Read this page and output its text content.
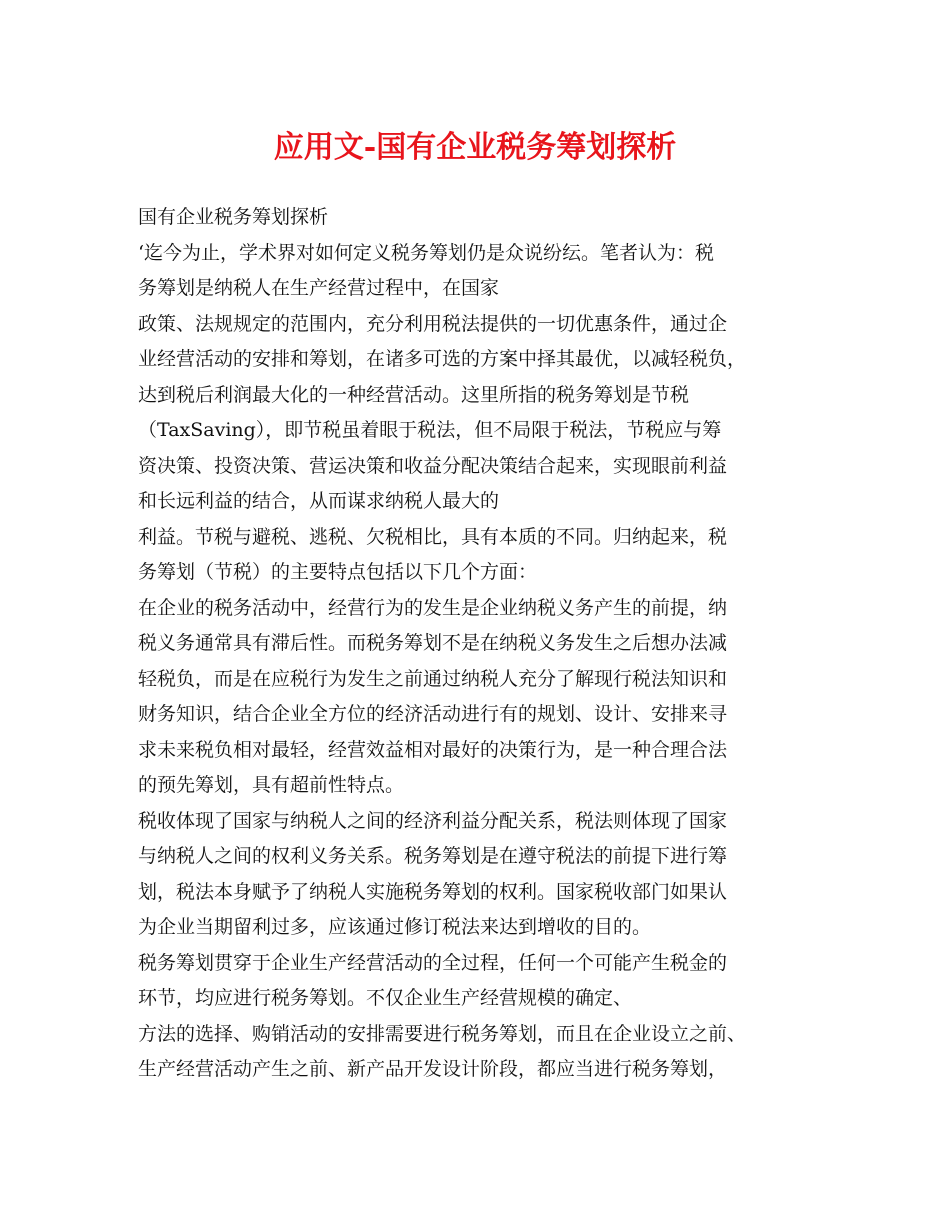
应用文-国有企业税务筹划探析
国有企业税务筹划探析
‘迄今为止，学术界对如何定义税务筹划仍是众说纷纭。笔者认为：税
务筹划是纳税人在生产经营过程中，在国家
政策、法规规定的范围内，充分利用税法提供的一切优惠条件，通过企
业经营活动的安排和筹划，在诸多可选的方案中择其最优，以减轻税负，
达到税后利润最大化的一种经营活动。这里所指的税务筹划是节税
（TaxSaving），即节税虽着眼于税法，但不局限于税法，节税应与筹
资决策、投资决策、营运决策和收益分配决策结合起来，实现眼前利益
和长远利益的结合，从而谋求纳税人最大的
利益。节税与避税、逃税、欠税相比，具有本质的不同。归纳起来，税
务筹划（节税）的主要特点包括以下几个方面：
在企业的税务活动中，经营行为的发生是企业纳税义务产生的前提，纳
税义务通常具有滞后性。而税务筹划不是在纳税义务发生之后想办法减
轻税负，而是在应税行为发生之前通过纳税人充分了解现行税法知识和
财务知识，结合企业全方位的经济活动进行有的规划、设计、安排来寻
求未来税负相对最轻，经营效益相对最好的决策行为，是一种合理合法
的预先筹划，具有超前性特点。
税收体现了国家与纳税人之间的经济利益分配关系，税法则体现了国家
与纳税人之间的权利义务关系。税务筹划是在遵守税法的前提下进行筹
划，税法本身赋予了纳税人实施税务筹划的权利。国家税收部门如果认
为企业当期留利过多，应该通过修订税法来达到增收的目的。
税务筹划贯穿于企业生产经营活动的全过程，任何一个可能产生税金的
环节，均应进行税务筹划。不仅企业生产经营规模的确定、
方法的选择、购销活动的安排需要进行税务筹划，而且在企业设立之前、
生产经营活动产生之前、新产品开发设计阶段，都应当进行税务筹划，
